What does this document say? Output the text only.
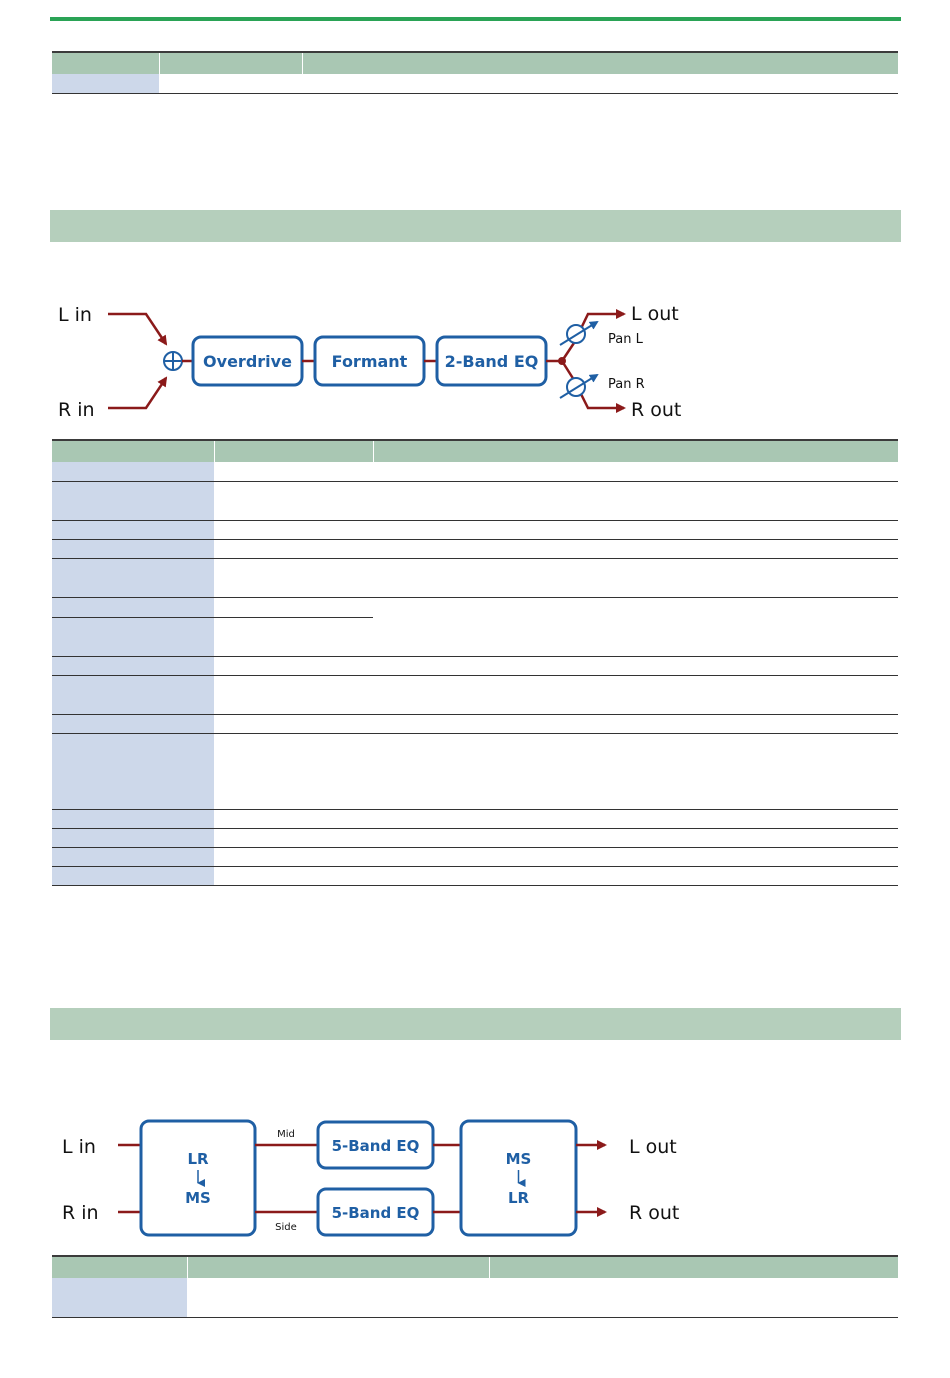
L in
R in
Overdrive Formant 2-Band EQ
L out
R out
Pan L
Pan R

L in
R in
LR
MS
Mid
Side
5-Band EQ
5-Band EQ
MS
LR
L out
R out
